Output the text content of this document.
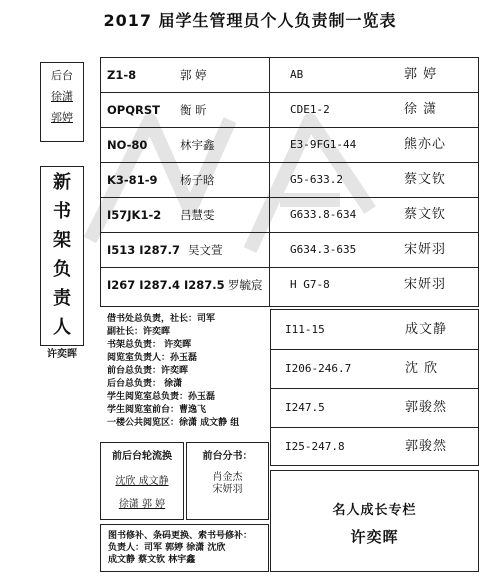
2017 届学生管理员个人负责制一览表
后台
徐潇
郭婷
新
书
架
负
责
人
许奕晖
Z1-8	郭 婷	AB	郭 婷
OPQRST 衡 昕	CDE1-2	徐 潇
NO-80	林宇鑫	E3-9FG1-44	熊亦心
K3-81-9 杨子晗	G5-633.2	蔡文钦
I57JK1-2 吕慧雯	G633.8-634	蔡文钦
I513 I287.7 吴文萱	G634.3-635	宋妍羽
I267 I287.4 I287.5 罗毓宸	H G7-8	宋妍羽
I11-15	成文静
I206-246.7	沈 欣
I247.5	郭骏然
I25-247.8	郭骏然
借书处总负责，社长：司军
副社长：许奕晖
书架总负责： 许奕晖
阅览室负责人：孙玉磊
前台总负责：许奕晖
后台总负责： 徐潇
学生阅览室总负责：孙玉磊
学生阅览室前台：曹逸飞
一楼公共阅览区：徐潇 成文静 组
前后台轮流换
沈欣 成文静
徐潇 郭 婷
前台分书：
肖金杰
宋妍羽
图书修补、条码更换、索书号修补：
负责人：司军 郭婷 徐潇 沈欣
成文静 蔡文钦 林宇鑫
名人成长专栏
许奕晖
